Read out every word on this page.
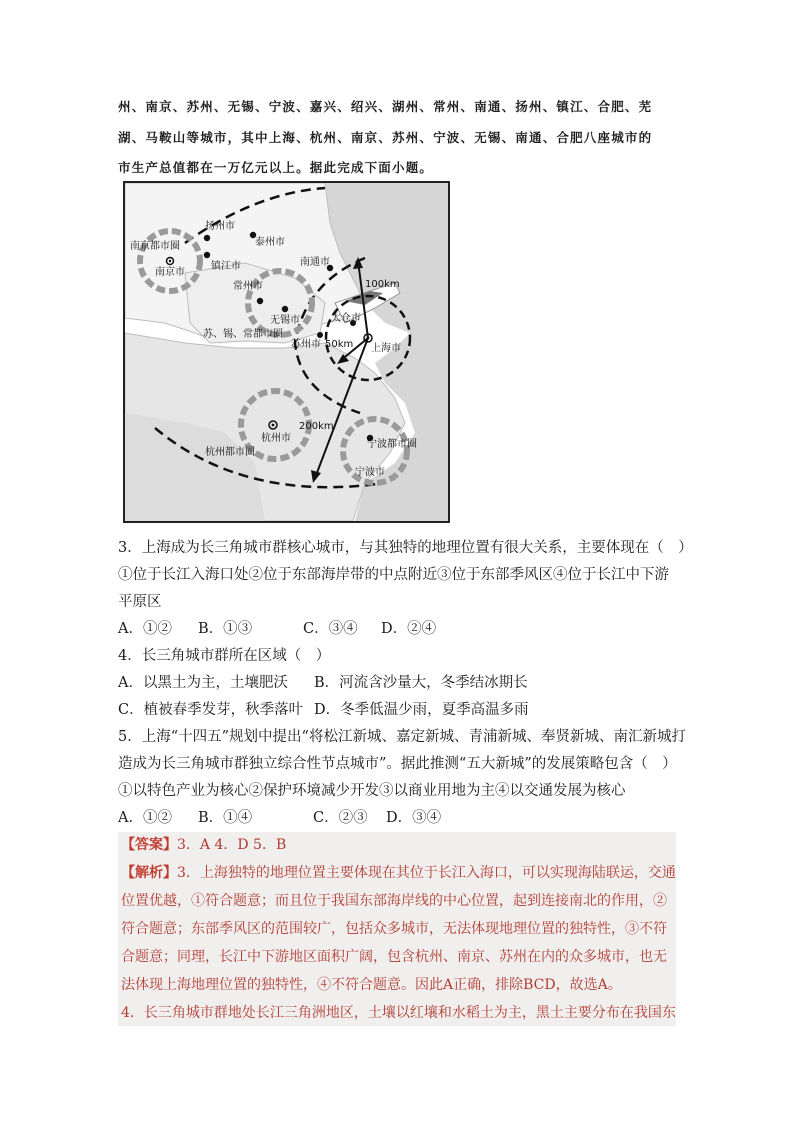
州、南京、苏州、无锡、宁波、嘉兴、绍兴、湖州、常州、南通、扬州、镇江、合肥、芜
湖、马鞍山等城市，其中上海、杭州、南京、苏州、宁波、无锡、南通、合肥八座城市的
市生产总值都在一万亿元以上。据此完成下面小题。
南京都市圈
南京市
扬州市
泰州市
镇江市
常州市
无锡市
苏、锡、常都市圈
南通市
100km
太仓市
苏州市 50km 上海市
200km
杭州市
杭州都市圈
宁波都市圈
宁波市
3．上海成为长三角城市群核心城市，与其独特的地理位置有很大关系，主要体现在（　）
①位于长江入海口处②位于东部海岸带的中点附近③位于东部季风区④位于长江中下游
平原区
A．①② B．①③	C．③④ D．②④
4．长三角城市群所在区域（　）
A．以黑土为主，土壤肥沃 B．河流含沙量大，冬季结冰期长
C．植被春季发芽，秋季落叶 D．冬季低温少雨，夏季高温多雨
5．上海“十四五”规划中提出“将松江新城、嘉定新城、青浦新城、奉贤新城、南汇新城打
造成为长三角城市群独立综合性节点城市”。据此推测“五大新城”的发展策略包含（　）
①以特色产业为核心②保护环境减少开发③以商业用地为主④以交通发展为核心
A．①② B．①④	C．②③ D．③④
【答案】3．A 4．D 5．B
【解析】3．上海独特的地理位置主要体现在其位于长江入海口，可以实现海陆联运，交通
位置优越，①符合题意；而且位于我国东部海岸线的中心位置，起到连接南北的作用，②
符合题意；东部季风区的范围较广，包括众多城市，无法体现地理位置的独特性，③不符
合题意；同理，长江中下游地区面积广阔，包含杭州、南京、苏州在内的众多城市，也无
法体现上海地理位置的独特性，④不符合题意。因此A正确，排除BCD，故选A。
4．长三角城市群地处长江三角洲地区，土壤以红壤和水稻土为主，黑土主要分布在我国东
